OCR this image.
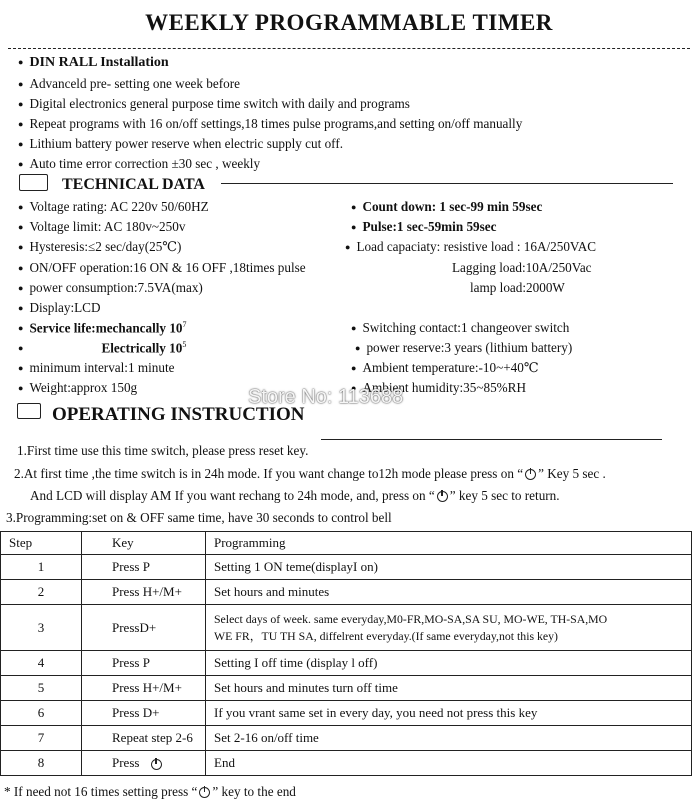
WEEKLY PROGRAMMABLE TIMER
● DIN RALL Installation
● Advanceld pre- setting one week before
● Digital electronics general purpose time switch with daily and programs
● Repeat programs with 16 on/off settings,18 times pulse programs,and setting on/off manually
● Lithium battery power reserve when electric supply cut off.
● Auto time error correction ±30 sec , weekly
TECHNICAL DATA
● Voltage rating: AC 220v 50/60HZ
● Voltage limit: AC 180v~250v
● Hysteresis:≤2 sec/day(25℃)
● ON/OFF operation:16 ON & 16 OFF ,18times pulse
● power consumption:7.5VA(max)
● Display:LCD
● Service life:mechancally $10^7$
● Electrically $10^5$
● minimum interval:1 minute
● Weight:approx 150g
● Count down: 1 sec-99 min 59sec
● Pulse:1 sec-59min 59sec
● Load capaciaty: resistive load : 16A/250VAC
Lagging load:10A/250Vac
lamp load:2000W
● Switching contact:1 changeover switch
● power reserve:3 years (lithium battery)
● Ambient temperature:-10~+40℃
● Ambient humidity:35~85%RH
OPERATING INSTRUCTION
Store No: 113688
1.First time use this time switch, please press reset key.
2.At first time ,the time switch is in 24h mode. If you want change to12h mode please press on “ ” Key 5 sec .
And LCD will display AM If you want rechang to 24h mode, and, press on “ ” key 5 sec to return.
3.Programming:set on & OFF same time, have 30 seconds to control bell
Step	Key	Programming
1	Press P	Setting 1 ON teme(displayI on)
2	Press H+/M+	Set hours and minutes
3	PressD+	Select days of week. same everyday,M0-FR,MO-SA,SA SU, MO-WE, TH-SA,MO
WE FR，TU TH SA, diffelrent everyday.(If same everyday,not this key)

4	Press P	Setting I off time (display l off)
5	Press H+/M+	Set hours and minutes turn off time
6	Press D+	If you vrant same set in every day, you need not press this key
7	Repeat step 2-6	Set 2-16 on/off time
8	Press	End
* If need not 16 times setting press “ ” key to the end
